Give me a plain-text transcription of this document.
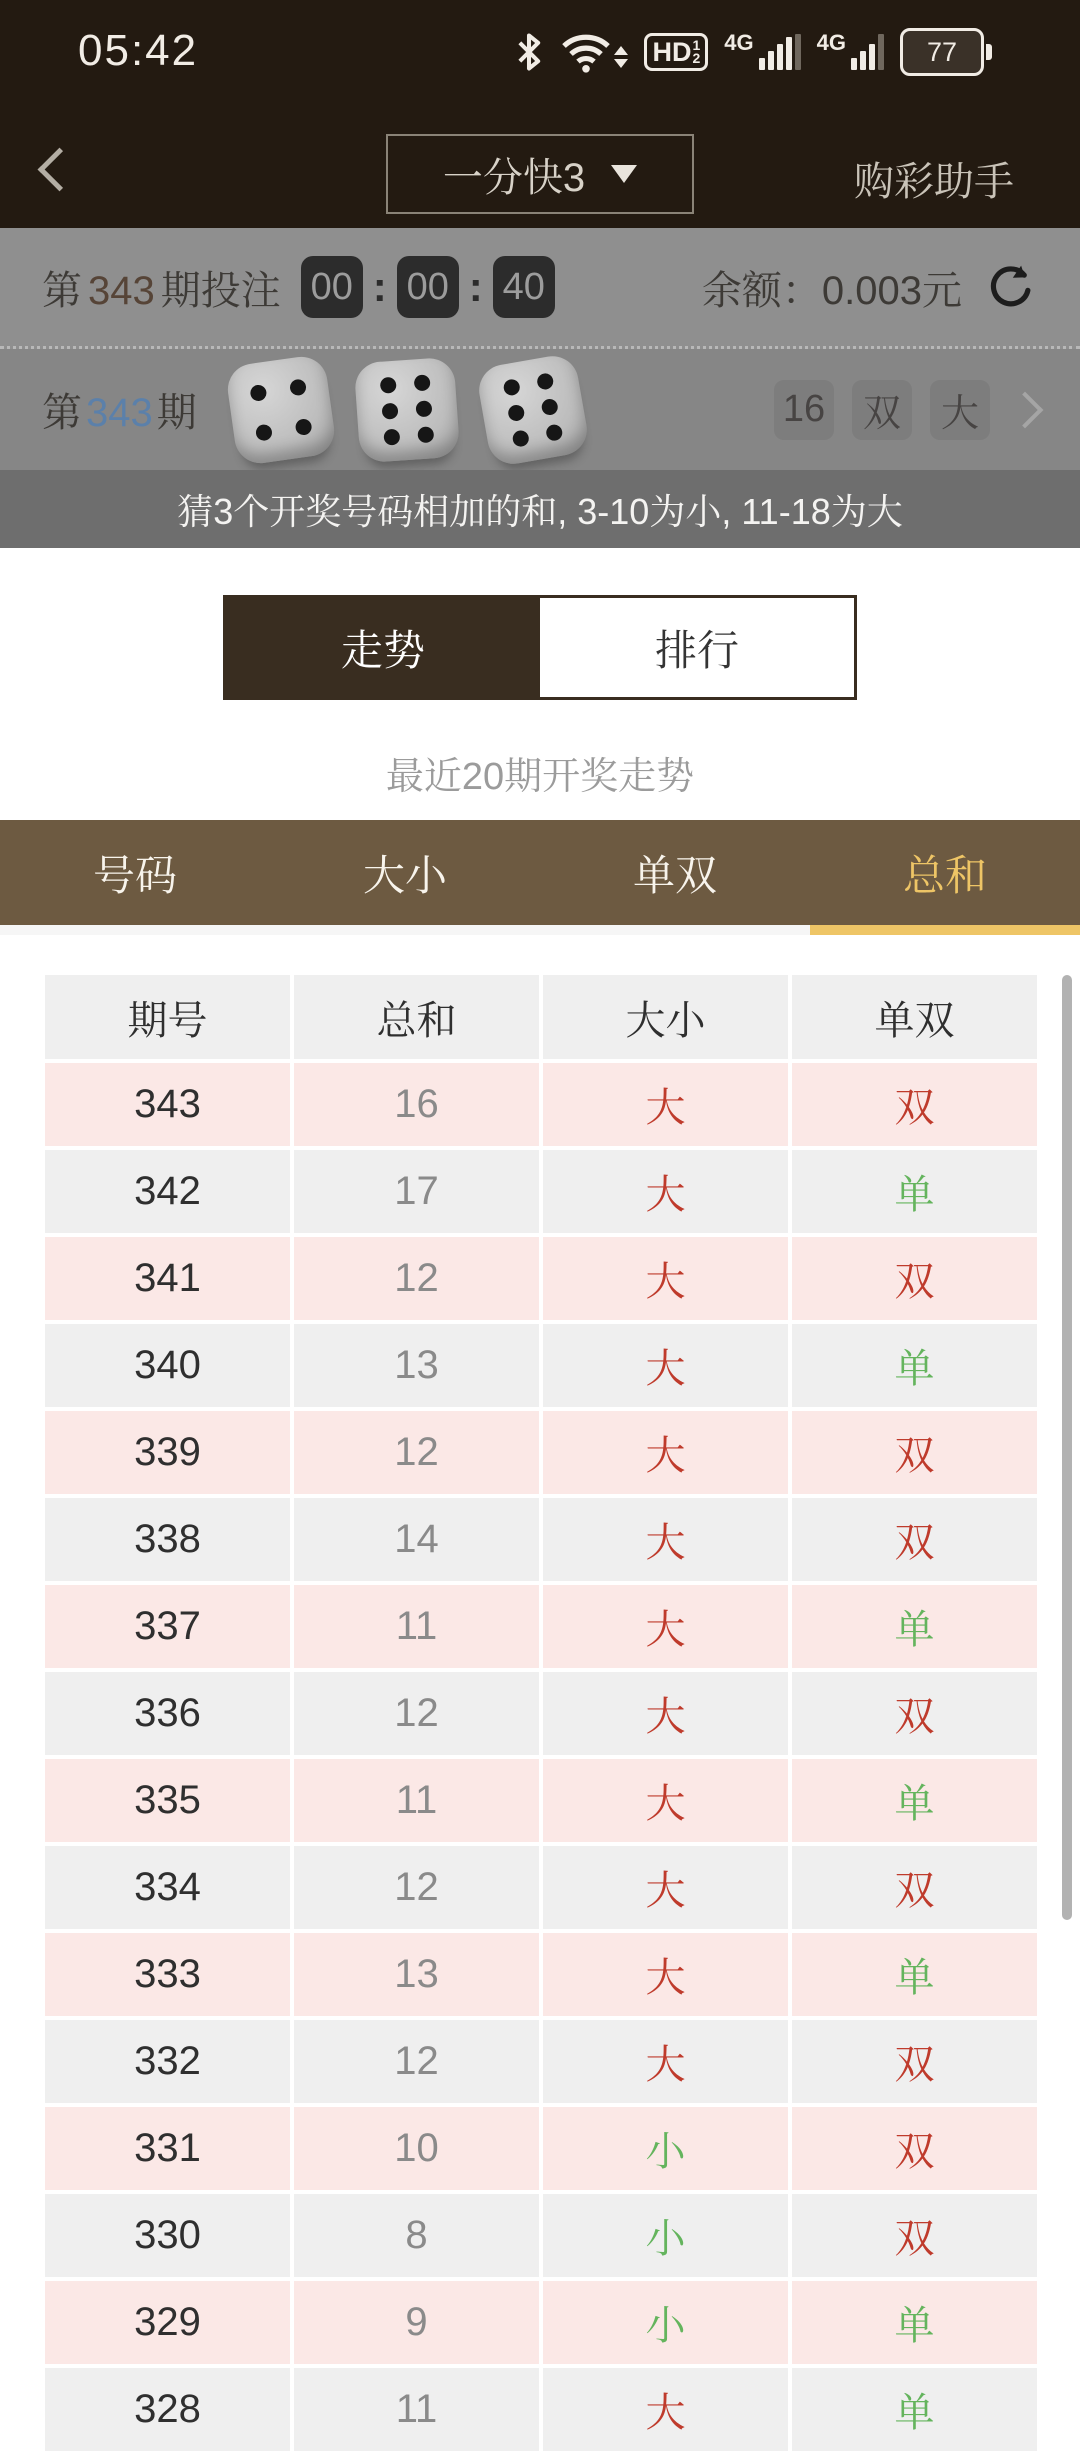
05:42	HD 1
2
4G	4G	77
一分快3	购彩助手
第 343 期投注 00 : 00 : 40	余额：0.003元
第 343 期	16 双 大
猜3个开奖号码相加的和, 3-10为小, 11-18为大
走势	排行
最近20期开奖走势
号码	大小	单双	总和
期号	总和	大小	单双
343	16	大	双
342	17	大	单
341	12	大	双
340	13	大	单
339	12	大	双
338	14	大	双
337	11	大	单
336	12	大	双
335	11	大	单
334	12	大	双
333	13	大	单
332	12	大	双
331	10	小	双
330	8	小	双
329	9	小	单
328	11	大	单
